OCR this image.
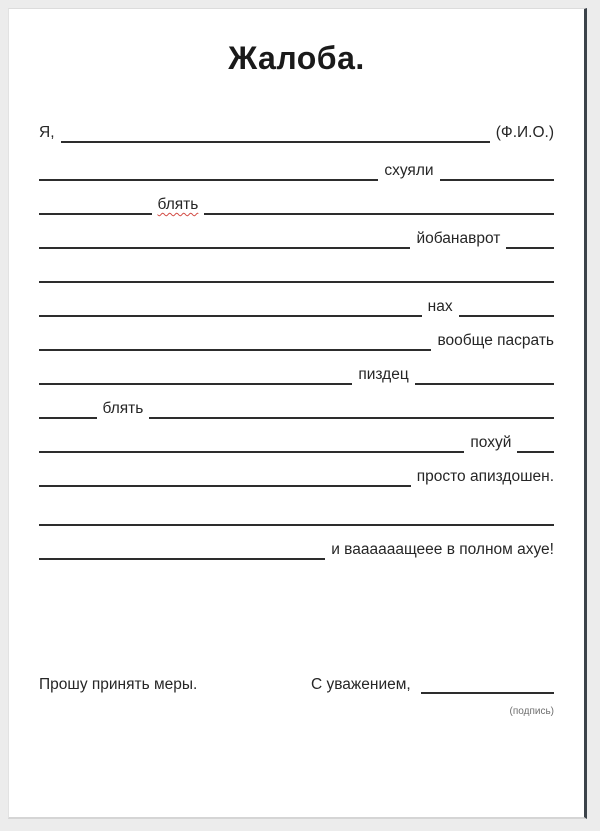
Жалоба.
Я,	(Ф.И.О.)
схуяли
блять
йобанаврот
нах
вообще пасрать
пиздец
блять
похуй
просто апиздошен.
и ваааааащеее в полном ахуе!
Прошу принять меры.	С уважением,
(подпись)
